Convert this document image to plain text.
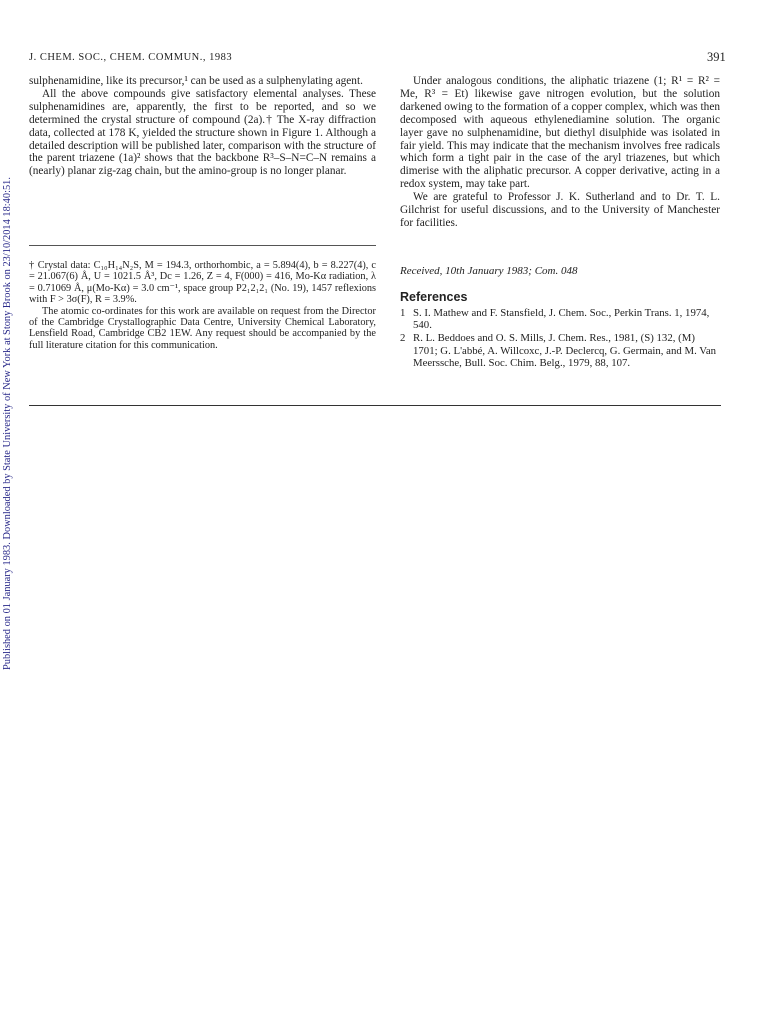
Published on 01 January 1983. Downloaded by State University of New York at Stony Brook on 23/10/2014 18:40:51.
J. CHEM. SOC., CHEM. COMMUN., 1983	391

sulphenamidine, like its precursor,¹ can be used as a sulphenylating agent.

All the above compounds give satisfactory elemental analyses. These sulphenamidines are, apparently, the first to be reported, and so we determined the crystal structure of compound (2a).† The X-ray diffraction data, collected at 178 K, yielded the structure shown in Figure 1. Although a detailed description will be published later, comparison with the structure of the parent triazene (1a)² shows that the backbone R³–S–N=C–N remains a (nearly) planar zig-zag chain, but the amino-group is no longer planar.

† Crystal data: C₁₀H₁₄N₂S, M = 194.3, orthorhombic, a = 5.894(4), b = 8.227(4), c = 21.067(6) Å, U = 1021.5 Å³, Dc = 1.26, Z = 4, F(000) = 416, Mo-Kα radiation, λ = 0.71069 Å, μ(Mo-Kα) = 3.0 cm⁻¹, space group P2₁2₁2₁ (No. 19), 1457 reflexions with F > 3σ(F), R = 3.9%.

The atomic co-ordinates for this work are available on request from the Director of the Cambridge Crystallographic Data Centre, University Chemical Laboratory, Lensfield Road, Cambridge CB2 1EW. Any request should be accompanied by the full literature citation for this communication.

Under analogous conditions, the aliphatic triazene (1; R¹ = R² = Me, R³ = Et) likewise gave nitrogen evolution, but the solution darkened owing to the formation of a copper complex, which was then decomposed with aqueous ethylenediamine solution. The organic layer gave no sulphenamidine, but diethyl disulphide was isolated in fair yield. This may indicate that the mechanism involves free radicals which form a tight pair in the case of the aryl triazenes, but which dimerise with the aliphatic precursor. A copper derivative, acting in a redox system, may take part.

We are grateful to Professor J. K. Sutherland and to Dr. T. L. Gilchrist for useful discussions, and to the University of Manchester for facilities.

Received, 10th January 1983; Com. 048
References
1 S. I. Mathew and F. Stansfield, J. Chem. Soc., Perkin Trans. 1, 1974, 540.
2 R. L. Beddoes and O. S. Mills, J. Chem. Res., 1981, (S) 132, (M) 1701; G. L'abbé, A. Willcoxc, J.-P. Declercq, G. Germain, and M. Van Meerssche, Bull. Soc. Chim. Belg., 1979, 88, 107.
